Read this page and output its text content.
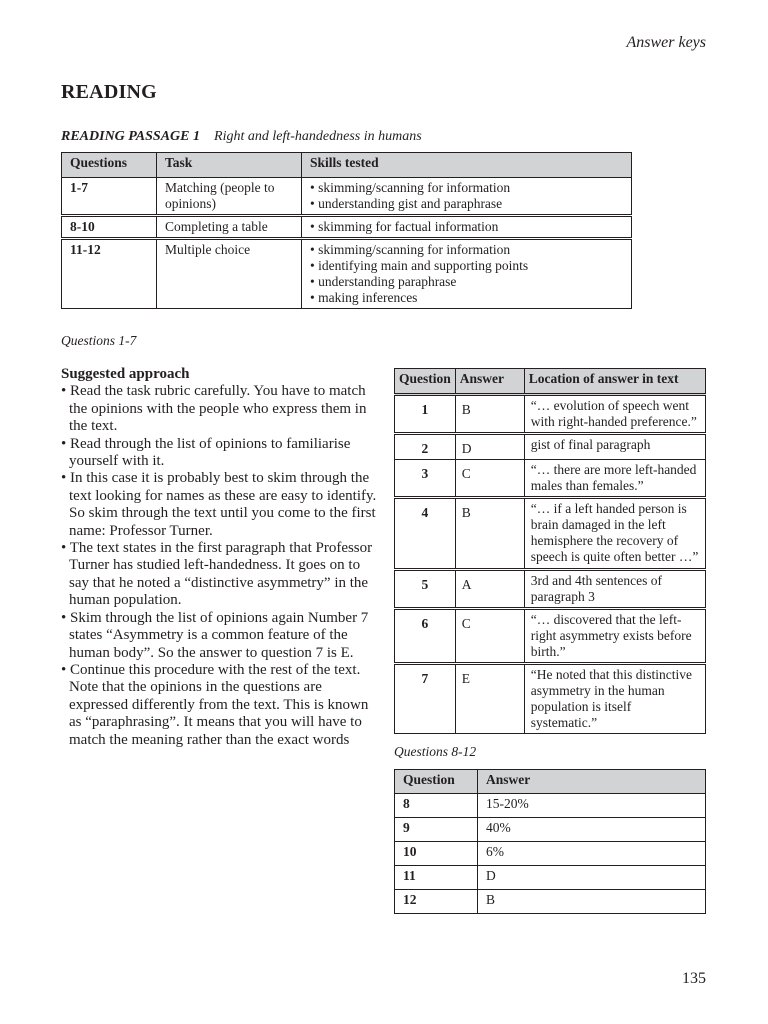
Answer keys
READING
READING PASSAGE 1 Right and left-handedness in humans
Questions	Task	Skills tested
1-7	Matching (people to opinions)	• skimming/scanning for information
• understanding gist and paraphrase

8-10	Completing a table	• skimming for factual information

11-12	Multiple choice	• skimming/scanning for information
• identifying main and supporting points
• understanding paraphrase
• making inferences
Questions 1-7
Suggested approach
• Read the task rubric carefully. You have to match the opinions with the people who express them in the text.
• Read through the list of opinions to familiarise yourself with it.
• In this case it is probably best to skim through the text looking for names as these are easy to identify. So skim through the text until you come to the first name: Professor Turner.
• The text states in the first paragraph that Professor Turner has studied left-handedness. It goes on to say that he noted a “distinctive asymmetry” in the human population.
• Skim through the list of opinions again Number 7 states “Asymmetry is a common feature of the human body”. So the answer to question 7 is E.
• Continue this procedure with the rest of the text. Note that the opinions in the questions are expressed differently from the text. This is known as “paraphrasing”. It means that you will have to match the meaning rather than the exact words
Question	Answer	Location of answer in text
1	B	“… evolution of speech went with right-handed preference.”
2	D	gist of final paragraph
3	C	“… there are more left-handed males than females.”
4	B	“… if a left handed person is brain damaged in the left hemisphere the recovery of speech is quite often better …”
5	A	3rd and 4th sentences of paragraph 3
6	C	“… discovered that the left-right asymmetry exists before birth.”
7	E	“He noted that this distinctive asymmetry in the human population is itself systematic.”
Questions 8-12
Question	Answer
8	15-20%
9	40%
10	6%
11	D
12	B
135
